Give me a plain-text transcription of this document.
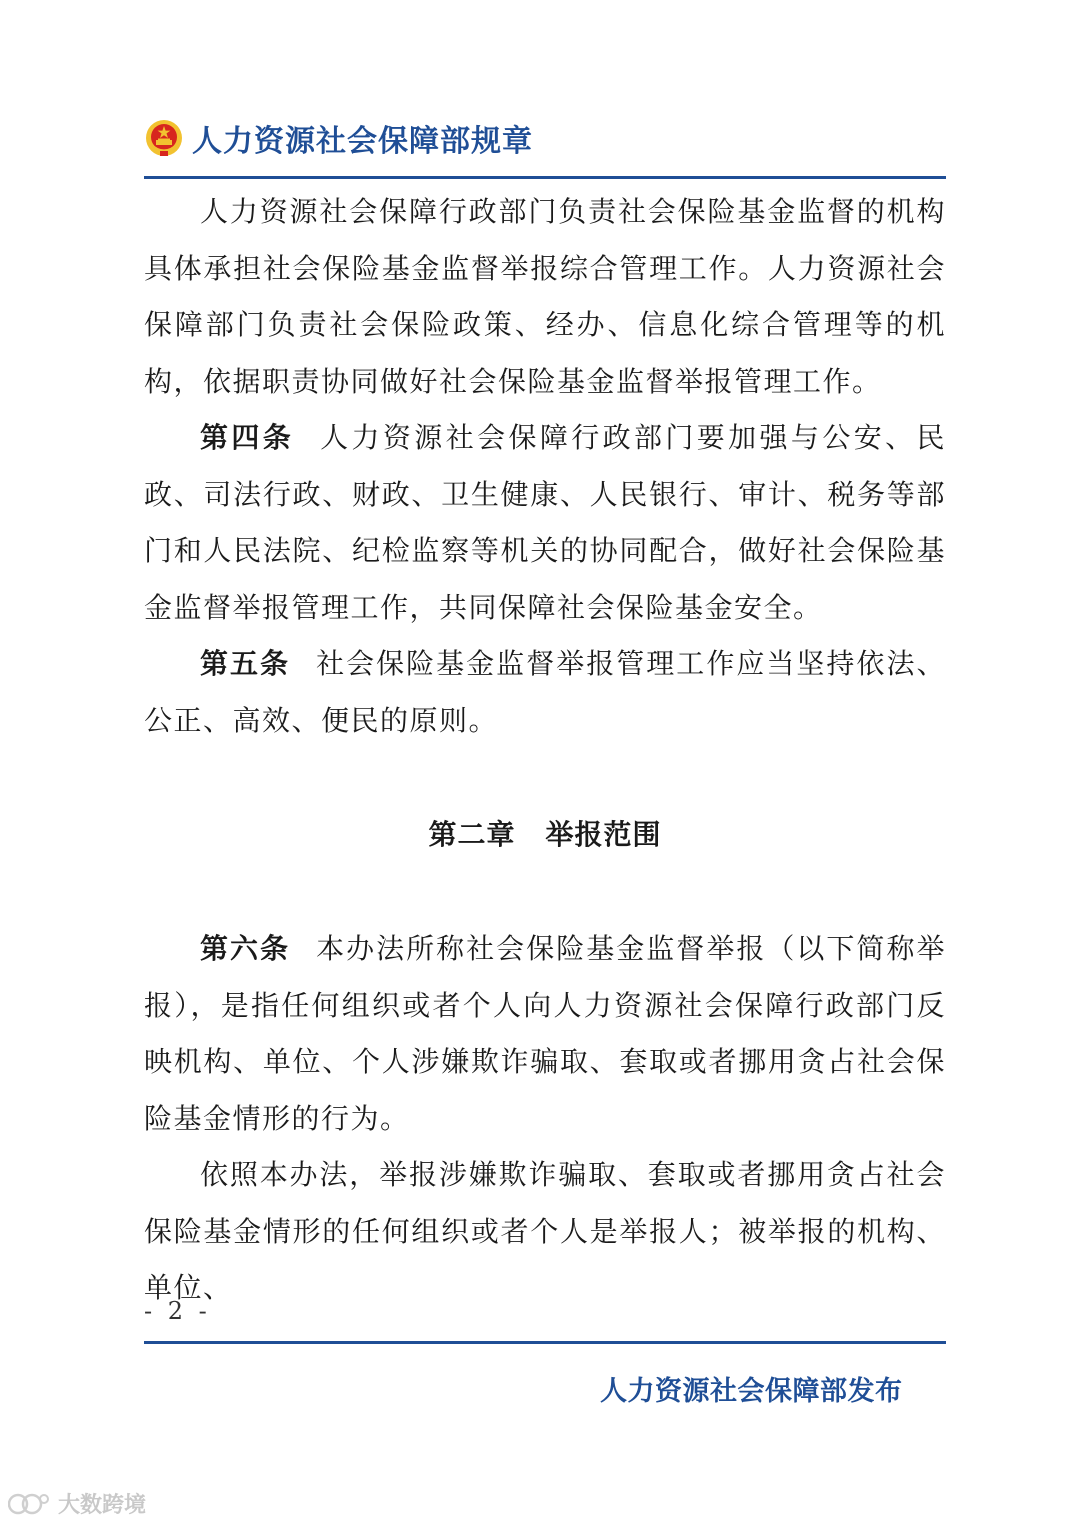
人力资源社会保障部规章

人力资源社会保障行政部门负责社会保险基金监督的机构具体承担社会保险基金监督举报综合管理工作。人力资源社会保障部门负责社会保险政策、经办、信息化综合管理等的机构，依据职责协同做好社会保险基金监督举报管理工作。

第四条 人力资源社会保障行政部门要加强与公安、民政、司法行政、财政、卫生健康、人民银行、审计、税务等部门和人民法院、纪检监察等机关的协同配合，做好社会保险基金监督举报管理工作，共同保障社会保险基金安全。

第五条 社会保险基金监督举报管理工作应当坚持依法、公正、高效、便民的原则。

第二章 举报范围

第六条 本办法所称社会保险基金监督举报（以下简称举报），是指任何组织或者个人向人力资源社会保障行政部门反映机构、单位、个人涉嫌欺诈骗取、套取或者挪用贪占社会保险基金情形的行为。

依照本办法，举报涉嫌欺诈骗取、套取或者挪用贪占社会保险基金情形的任何组织或者个人是举报人；被举报的机构、单位、

- 2 -
人力资源社会保障部发布
大数跨境
